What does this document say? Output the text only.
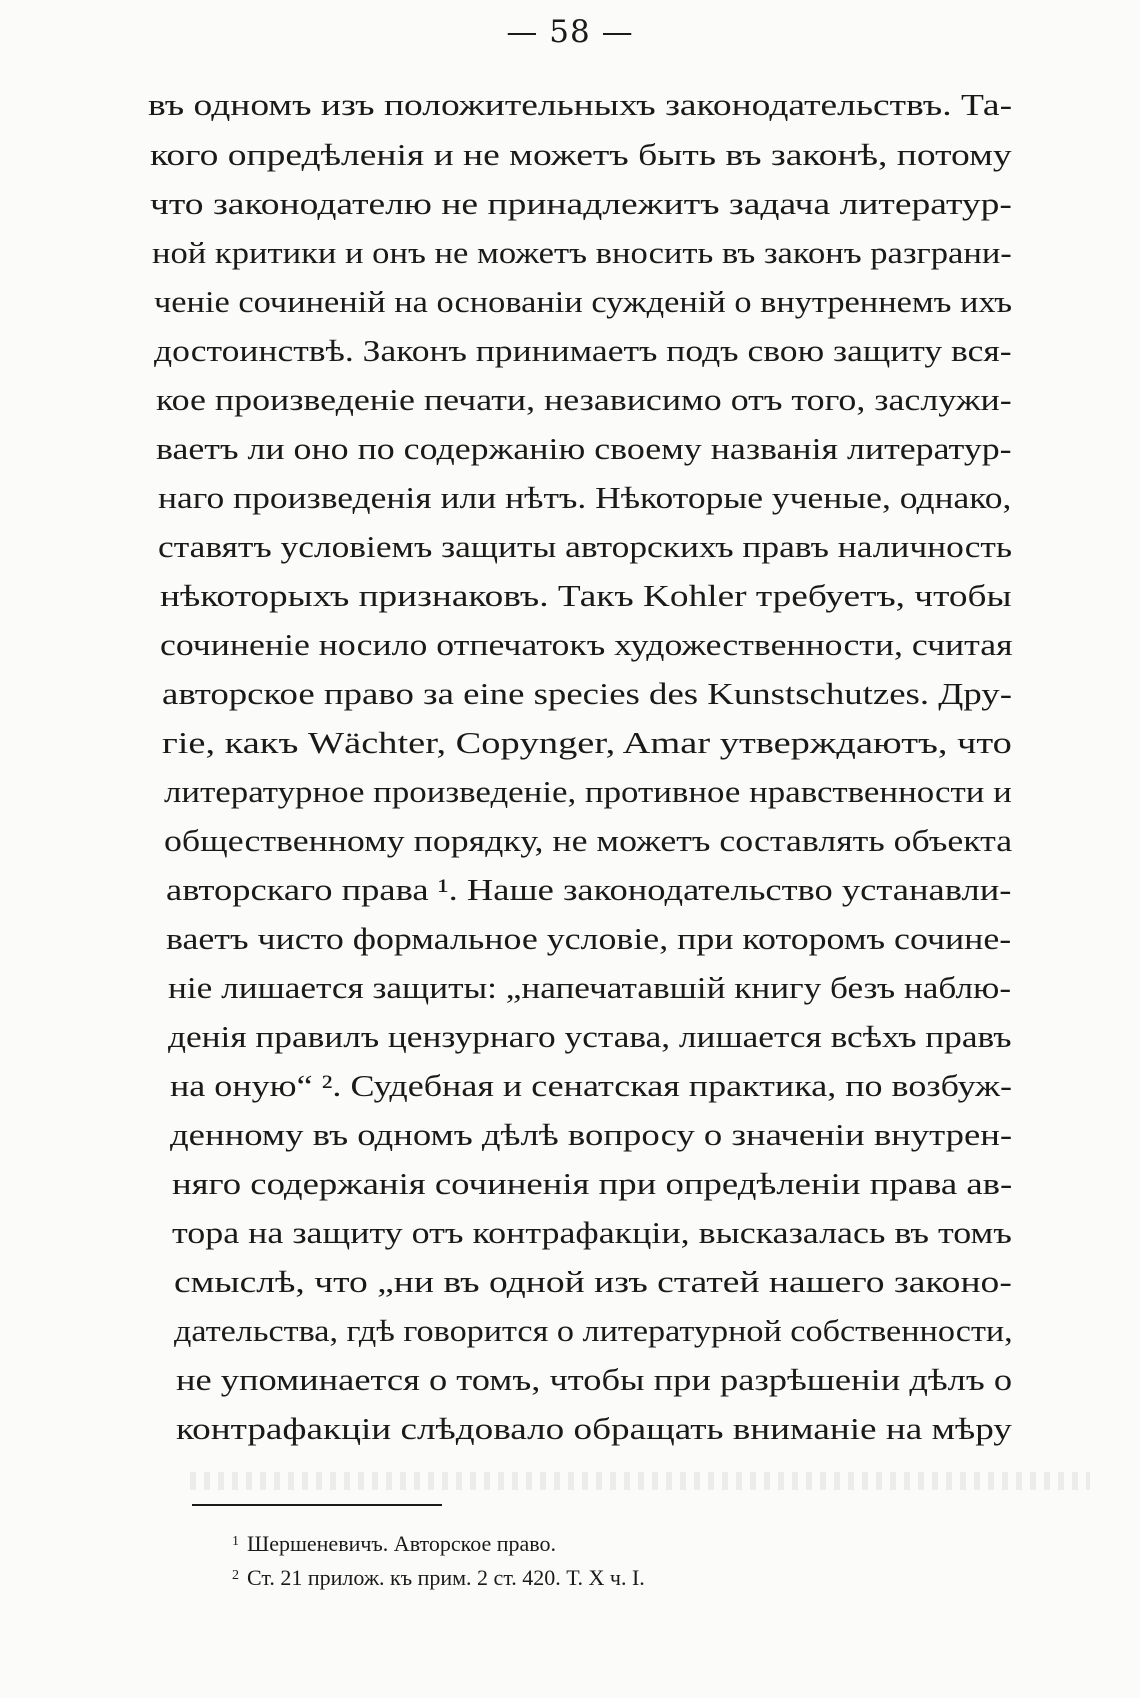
— 58 —
въ одномъ изъ положительныхъ законодательствъ. Та-
кого опредѣленія и не можетъ быть въ законѣ, потому
что законодателю не принадлежитъ задача литератур-
ной критики и онъ не можетъ вносить въ законъ разграни-
ченіе сочиненій на основаніи сужденій о внутреннемъ ихъ
достоинствѣ. Законъ принимаетъ подъ свою защиту вся-
кое произведеніе печати, независимо отъ того, заслужи-
ваетъ ли оно по содержанію своему названія литератур-
наго произведенія или нѣтъ. Нѣкоторые ученые, однако,
ставятъ условіемъ защиты авторскихъ правъ наличность
нѣкоторыхъ признаковъ. Такъ Kohler требуетъ, чтобы
сочиненіе носило отпечатокъ художественности, считая
авторское право за eine species des Kunstschutzes. Дру-
гіе, какъ Wächter, Copynger, Amar утверждаютъ, что
литературное произведеніе, противное нравственности и
общественному порядку, не можетъ составлять объекта
авторскаго права ¹. Наше законодательство устанавли-
ваетъ чисто формальное условіе, при которомъ сочине-
ніе лишается защиты: „напечатавшій книгу безъ наблю-
денія правилъ цензурнаго устава, лишается всѣхъ правъ
на оную“ ². Судебная и сенатская практика, по возбуж-
денному въ одномъ дѣлѣ вопросу о значеніи внутрен-
няго содержанія сочиненія при опредѣленіи права ав-
тора на защиту отъ контрафакціи, высказалась въ томъ
смыслѣ, что „ни въ одной изъ статей нашего законо-
дательства, гдѣ говорится о литературной собственности,
не упоминается о томъ, чтобы при разрѣшеніи дѣлъ о
контрафакціи слѣдовало обращать вниманіе на мѣру
$^1$ Шершеневичъ. Авторское право.
$^2$ Ст. 21 прилож. къ прим. 2 ст. 420. Т. X ч. I.
